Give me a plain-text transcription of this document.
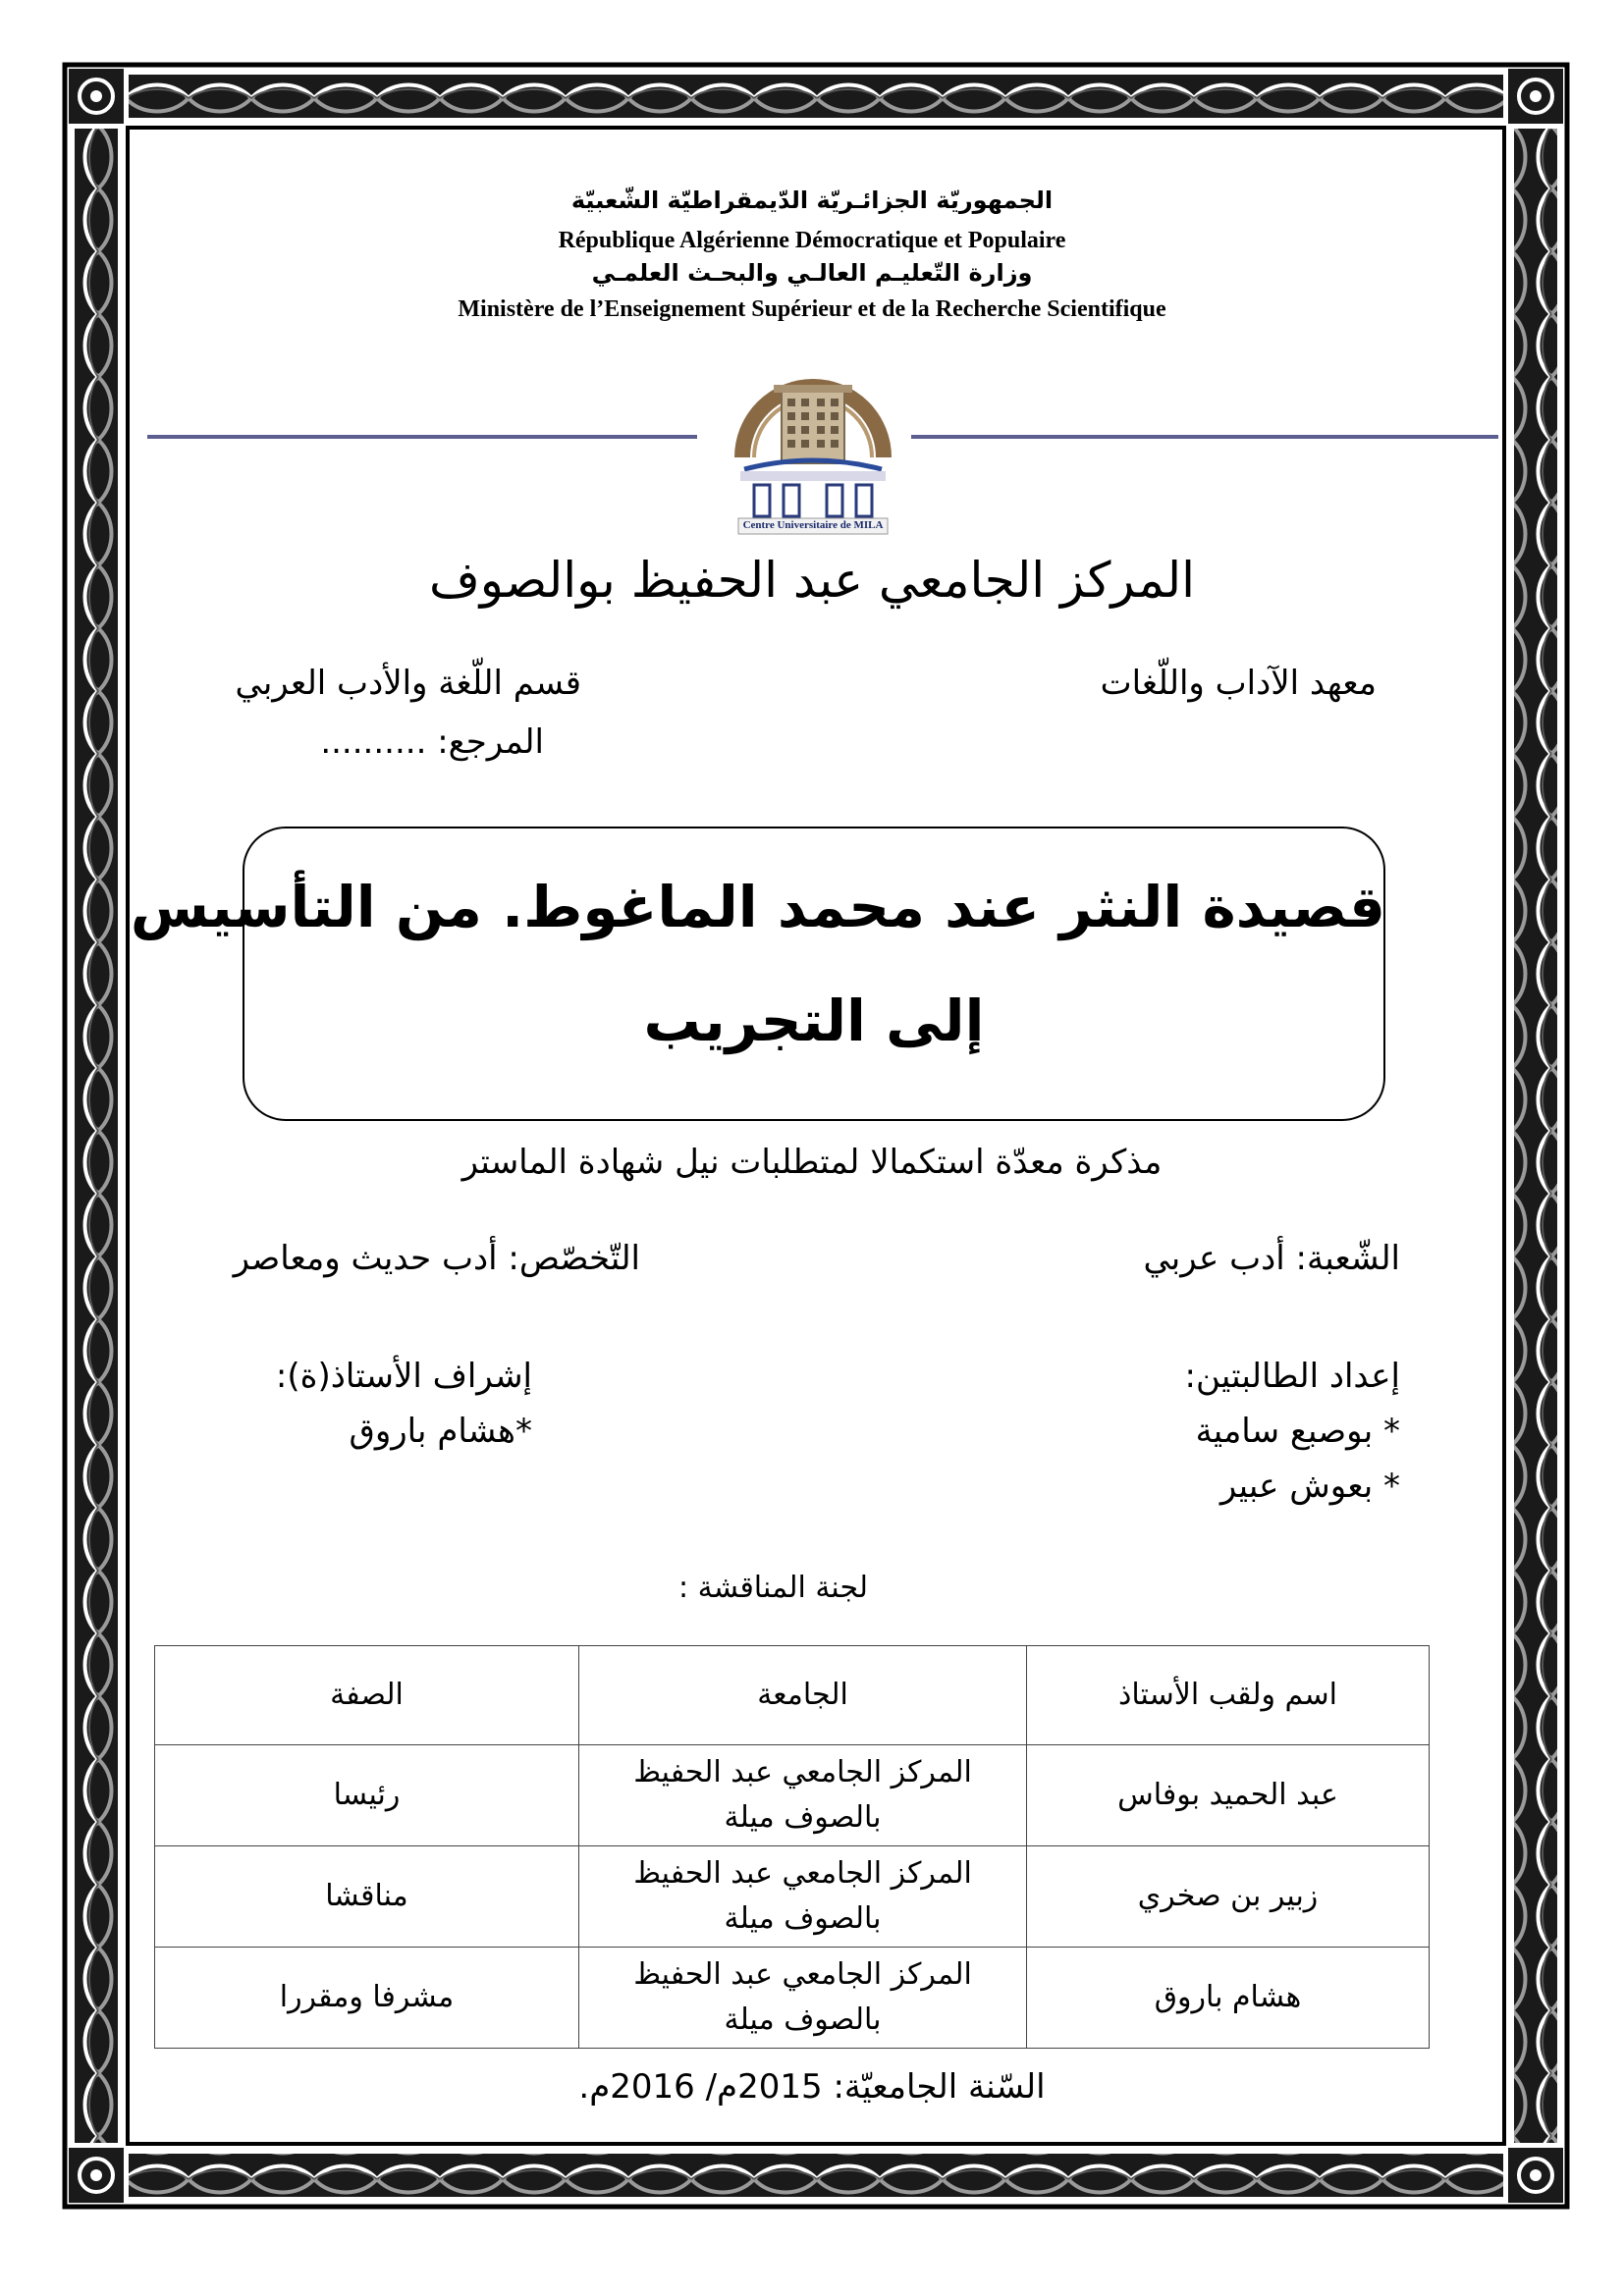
الجمهوريّة الجزائـريّة الدّيمقراطيّة الشّعبيّة
République Algérienne Démocratique et Populaire
وزارة التّعليـم العالـي والبحـث العلمـي
Ministère de l’Enseignement Supérieur et de la Recherche Scientifique
Centre Universitaire de MILA
المركز الجامعي عبد الحفيظ بوالصوف
معهد الآداب واللّغات
قسم اللّغة والأدب العربي
المرجع: ..........
قصيدة النثر عند محمد الماغوط. من التأسيس
إلى التجريب
مذكرة معدّة استكمالا لمتطلبات نيل شهادة الماستر
الشّعبة: أدب عربي
التّخصّص: أدب حديث ومعاصر
إعداد الطالبتين:
* بوصبع سامية
* بعوش عبير
إشراف الأستاذ(ة):
*هشام باروق
لجنة المناقشة :
اسم ولقب الأستاذ	الجامعة	الصفة
عبد الحميد بوفاس	المركز الجامعي عبد الحفيظ بالصوف ميلة	رئيسا
زبير بن صخري	المركز الجامعي عبد الحفيظ بالصوف ميلة	مناقشا
هشام باروق	المركز الجامعي عبد الحفيظ بالصوف ميلة	مشرفا ومقررا
السّنة الجامعيّة: 2015م/ 2016م.
